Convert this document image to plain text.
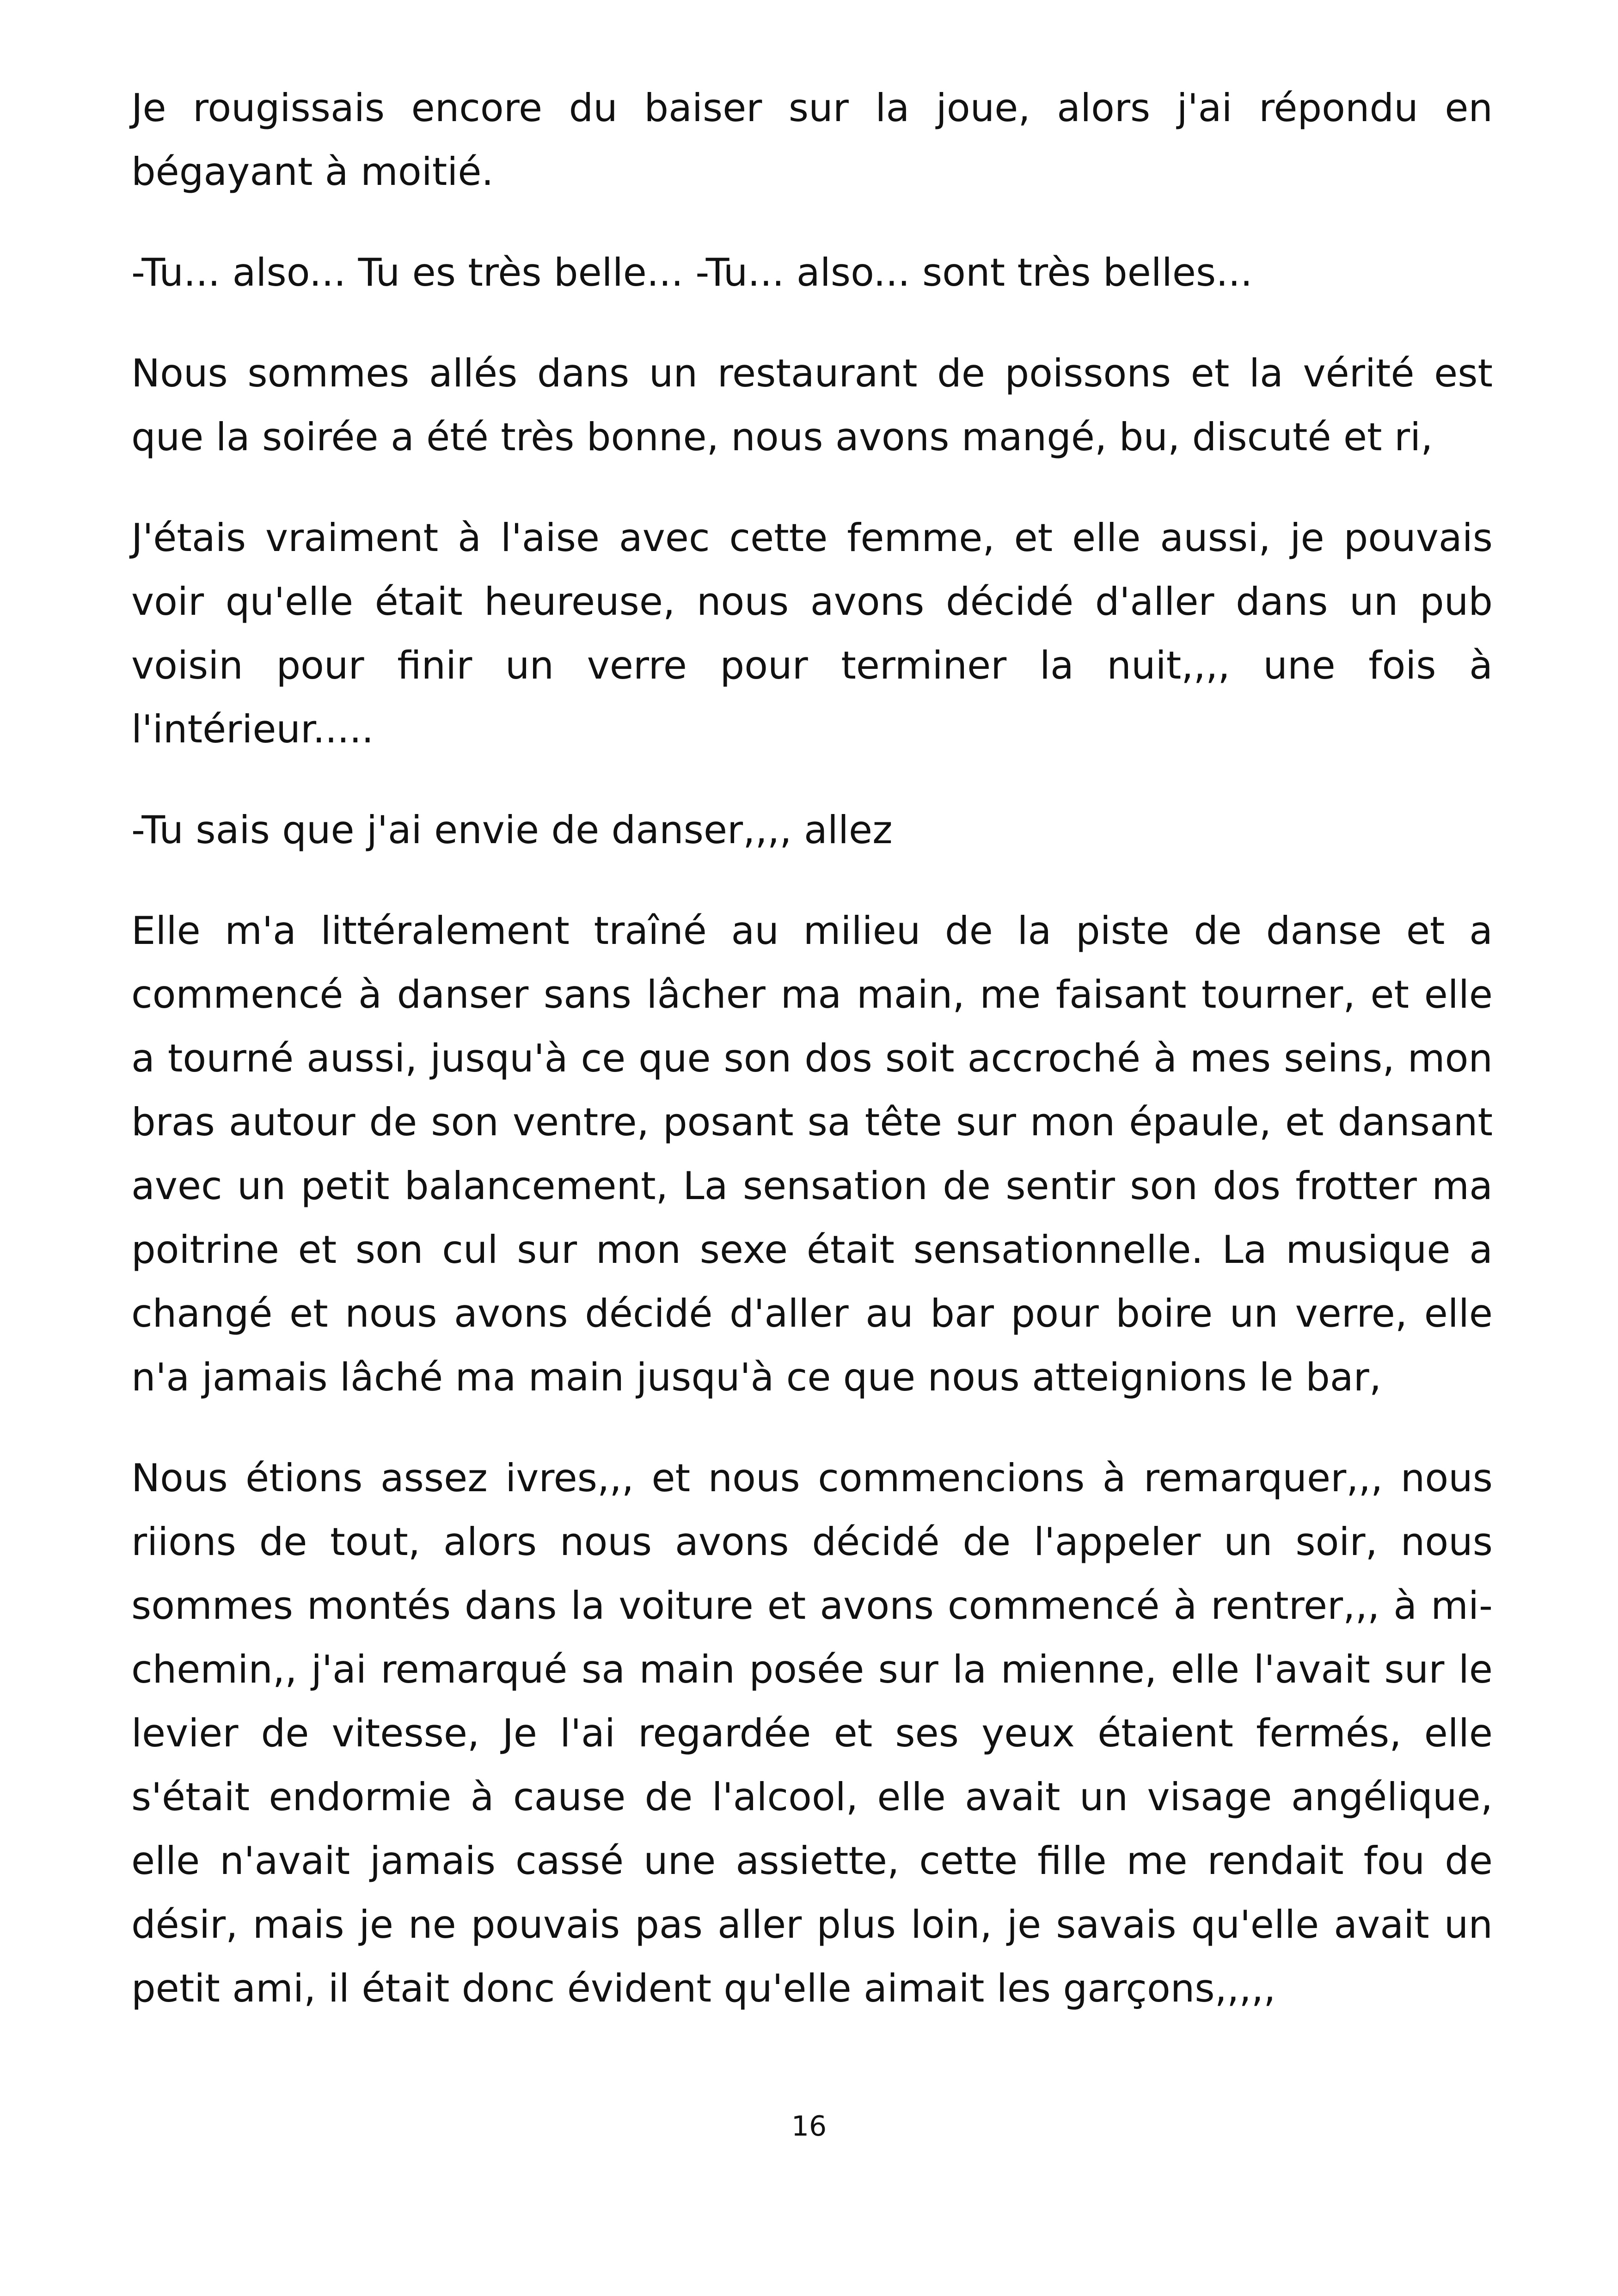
Je rougissais encore du baiser sur la joue, alors j'ai répondu en bégayant à moitié.

-Tu... also... Tu es très belle... -Tu... also... sont très belles...

Nous sommes allés dans un restaurant de poissons et la vérité est que la soirée a été très bonne, nous avons mangé, bu, discuté et ri,

J'étais vraiment à l'aise avec cette femme, et elle aussi, je pouvais voir qu'elle était heureuse, nous avons décidé d'aller dans un pub voisin pour finir un verre pour terminer la nuit,,,, une fois à l'intérieur.....

-Tu sais que j'ai envie de danser,,,, allez

Elle m'a littéralement traîné au milieu de la piste de danse et a commencé à danser sans lâcher ma main, me faisant tourner, et elle a tourné aussi, jusqu'à ce que son dos soit accroché à mes seins, mon bras autour de son ventre, posant sa tête sur mon épaule, et dansant avec un petit balancement, La sensation de sentir son dos frotter ma poitrine et son cul sur mon sexe était sensationnelle. La musique a changé et nous avons décidé d'aller au bar pour boire un verre, elle n'a jamais lâché ma main jusqu'à ce que nous atteignions le bar,

Nous étions assez ivres,,, et nous commencions à remarquer,,, nous riions de tout, alors nous avons décidé de l'appeler un soir, nous sommes montés dans la voiture et avons commencé à rentrer,,, à mi-chemin,, j'ai remarqué sa main posée sur la mienne, elle l'avait sur le levier de vitesse, Je l'ai regardée et ses yeux étaient fermés, elle s'était endormie à cause de l'alcool, elle avait un visage angélique, elle n'avait jamais cassé une assiette, cette fille me rendait fou de désir, mais je ne pouvais pas aller plus loin, je savais qu'elle avait un petit ami, il était donc évident qu'elle aimait les garçons,,,,,

16
